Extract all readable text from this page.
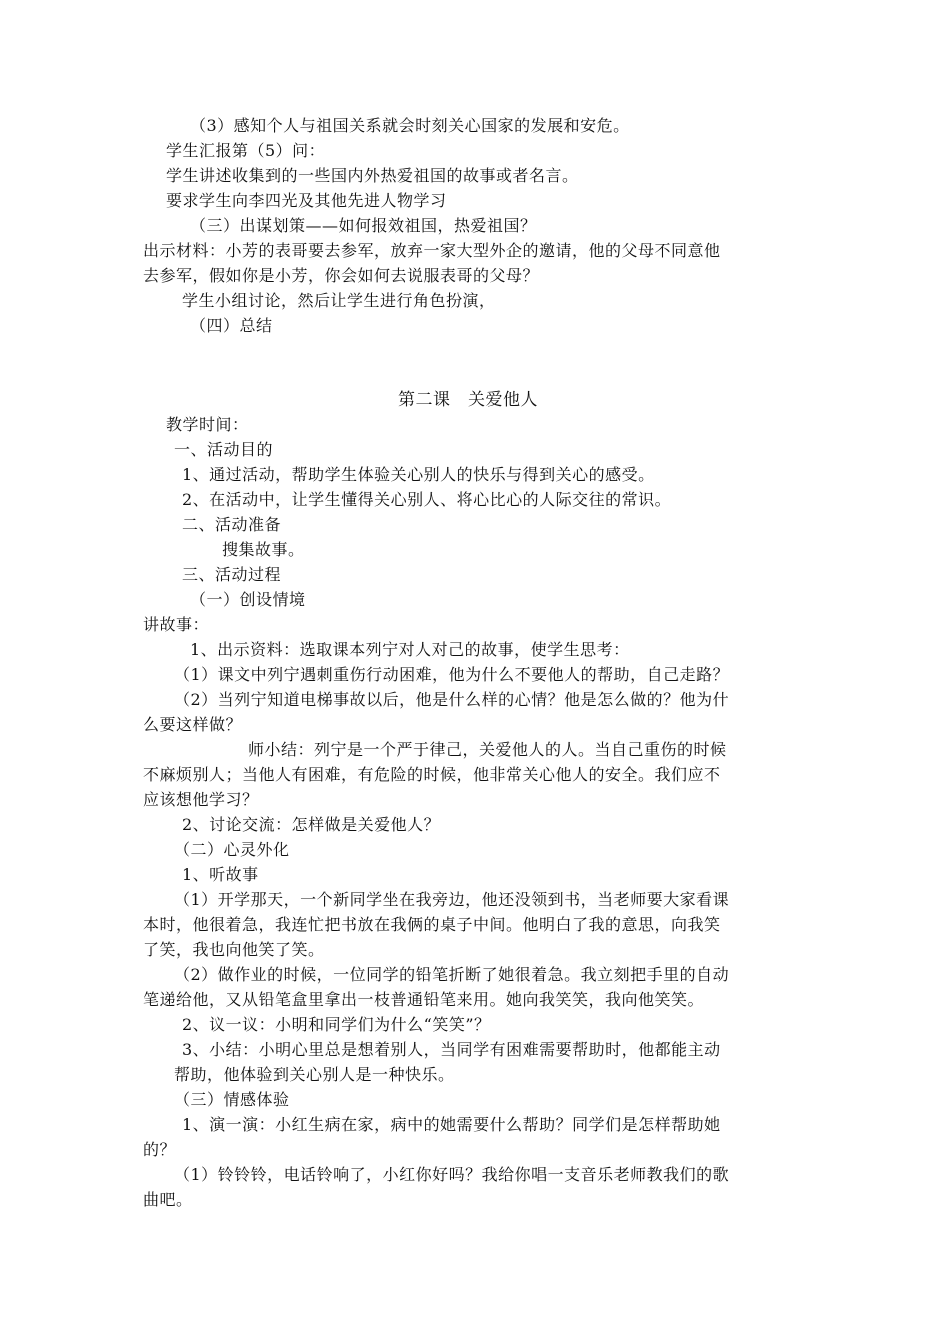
（3）感知个人与祖国关系就会时刻关心国家的发展和安危。
学生汇报第（5）问：
学生讲述收集到的一些国内外热爱祖国的故事或者名言。
要求学生向李四光及其他先进人物学习
（三）出谋划策——如何报效祖国，热爱祖国？
出示材料：小芳的表哥要去参军，放弃一家大型外企的邀请，他的父母不同意他
去参军，假如你是小芳，你会如何去说服表哥的父母？
学生小组讨论，然后让学生进行角色扮演，
（四）总结
第二课　关爱他人
教学时间：
一、活动目的
1、通过活动，帮助学生体验关心别人的快乐与得到关心的感受。
2、在活动中，让学生懂得关心别人、将心比心的人际交往的常识。
二、活动准备
搜集故事。
三、活动过程
（一）创设情境
讲故事：
1、出示资料：选取课本列宁对人对己的故事，使学生思考：
（1）课文中列宁遇刺重伤行动困难，他为什么不要他人的帮助，自己走路？
（2）当列宁知道电梯事故以后，他是什么样的心情？他是怎么做的？他为什
么要这样做？
师小结：列宁是一个严于律己，关爱他人的人。当自己重伤的时候
不麻烦别人；当他人有困难，有危险的时候，他非常关心他人的安全。我们应不
应该想他学习？
2、讨论交流：怎样做是关爱他人？
（二）心灵外化
1、听故事
（1）开学那天，一个新同学坐在我旁边，他还没领到书，当老师要大家看课
本时，他很着急，我连忙把书放在我俩的桌子中间。他明白了我的意思，向我笑
了笑，我也向他笑了笑。
（2）做作业的时候，一位同学的铅笔折断了她很着急。我立刻把手里的自动
笔递给他，又从铅笔盒里拿出一枝普通铅笔来用。她向我笑笑，我向他笑笑。
2、议一议：小明和同学们为什么“笑笑”？
3、小结：小明心里总是想着别人，当同学有困难需要帮助时，他都能主动
帮助，他体验到关心别人是一种快乐。
（三）情感体验
1、演一演：小红生病在家，病中的她需要什么帮助？同学们是怎样帮助她
的？
（1）铃铃铃，电话铃响了，小红你好吗？我给你唱一支音乐老师教我们的歌
曲吧。
